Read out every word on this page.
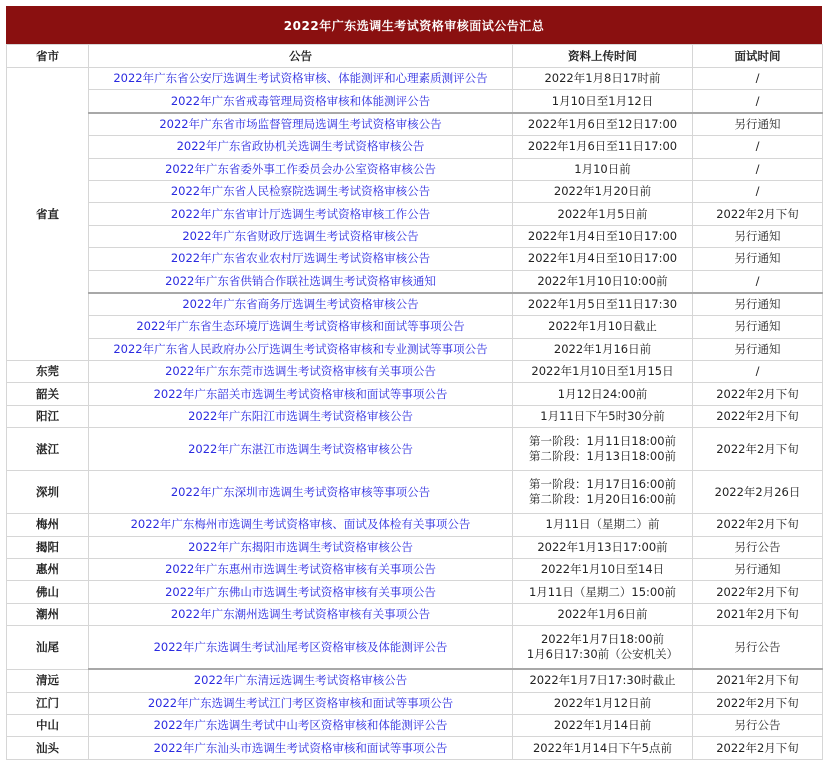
2022年广东选调生考试资格审核面试公告汇总
省市	公告	资料上传时间	面试时间
省直	2022年广东省公安厅选调生考试资格审核、体能测评和心理素质测评公告	2022年1月8日17时前	/
	2022年广东省戒毒管理局资格审核和体能测评公告	1月10日至1月12日	/
	2022年广东省市场监督管理局选调生考试资格审核公告	2022年1月6日至12日17:00	另行通知
	2022年广东省政协机关选调生考试资格审核公告	2022年1月6日至11日17:00	/
	2022年广东省委外事工作委员会办公室资格审核公告	1月10日前	/
	2022年广东省人民检察院选调生考试资格审核公告	2022年1月20日前	/
	2022年广东省审计厅选调生考试资格审核工作公告	2022年1月5日前	2022年2月下旬
	2022年广东省财政厅选调生考试资格审核公告	2022年1月4日至10日17:00	另行通知
	2022年广东省农业农村厅选调生考试资格审核公告	2022年1月4日至10日17:00	另行通知
	2022年广东省供销合作联社选调生考试资格审核通知	2022年1月10日10:00前	/
	2022年广东省商务厅选调生考试资格审核公告	2022年1月5日至11日17:30	另行通知
	2022年广东省生态环境厅选调生考试资格审核和面试等事项公告	2022年1月10日截止	另行通知
	2022年广东省人民政府办公厅选调生考试资格审核和专业测试等事项公告	2022年1月16日前	另行通知
东莞	2022年广东东莞市选调生考试资格审核有关事项公告	2022年1月10日至1月15日	/
韶关	2022年广东韶关市选调生考试资格审核和面试等事项公告	1月12日24:00前	2022年2月下旬
阳江	2022年广东阳江市选调生考试资格审核公告	1月11日下午5时30分前	2022年2月下旬
湛江	2022年广东湛江市选调生考试资格审核公告	第一阶段：1月11日18:00前
第二阶段：1月13日18:00前	2022年2月下旬
深圳	2022年广东深圳市选调生考试资格审核等事项公告	第一阶段：1月17日16:00前
第二阶段：1月20日16:00前	2022年2月26日
梅州	2022年广东梅州市选调生考试资格审核、面试及体检有关事项公告	1月11日（星期二）前	2022年2月下旬
揭阳	2022年广东揭阳市选调生考试资格审核公告	2022年1月13日17:00前	另行公告
惠州	2022年广东惠州市选调生考试资格审核有关事项公告	2022年1月10日至14日	另行通知
佛山	2022年广东佛山市选调生考试资格审核有关事项公告	1月11日（星期二）15:00前	2022年2月下旬
潮州	2022年广东潮州选调生考试资格审核有关事项公告	2022年1月6日前	2021年2月下旬
汕尾	2022年广东选调生考试汕尾考区资格审核及体能测评公告	2022年1月7日18:00前
1月6日17:30前（公安机关）	另行公告
清远	2022年广东清远选调生考试资格审核公告	2022年1月7日17:30时截止	2021年2月下旬
江门	2022年广东选调生考试江门考区资格审核和面试等事项公告	2022年1月12日前	2022年2月下旬
中山	2022年广东选调生考试中山考区资格审核和体能测评公告	2022年1月14日前	另行公告
汕头	2022年广东汕头市选调生考试资格审核和面试等事项公告	2022年1月14日下午5点前	2022年2月下旬
